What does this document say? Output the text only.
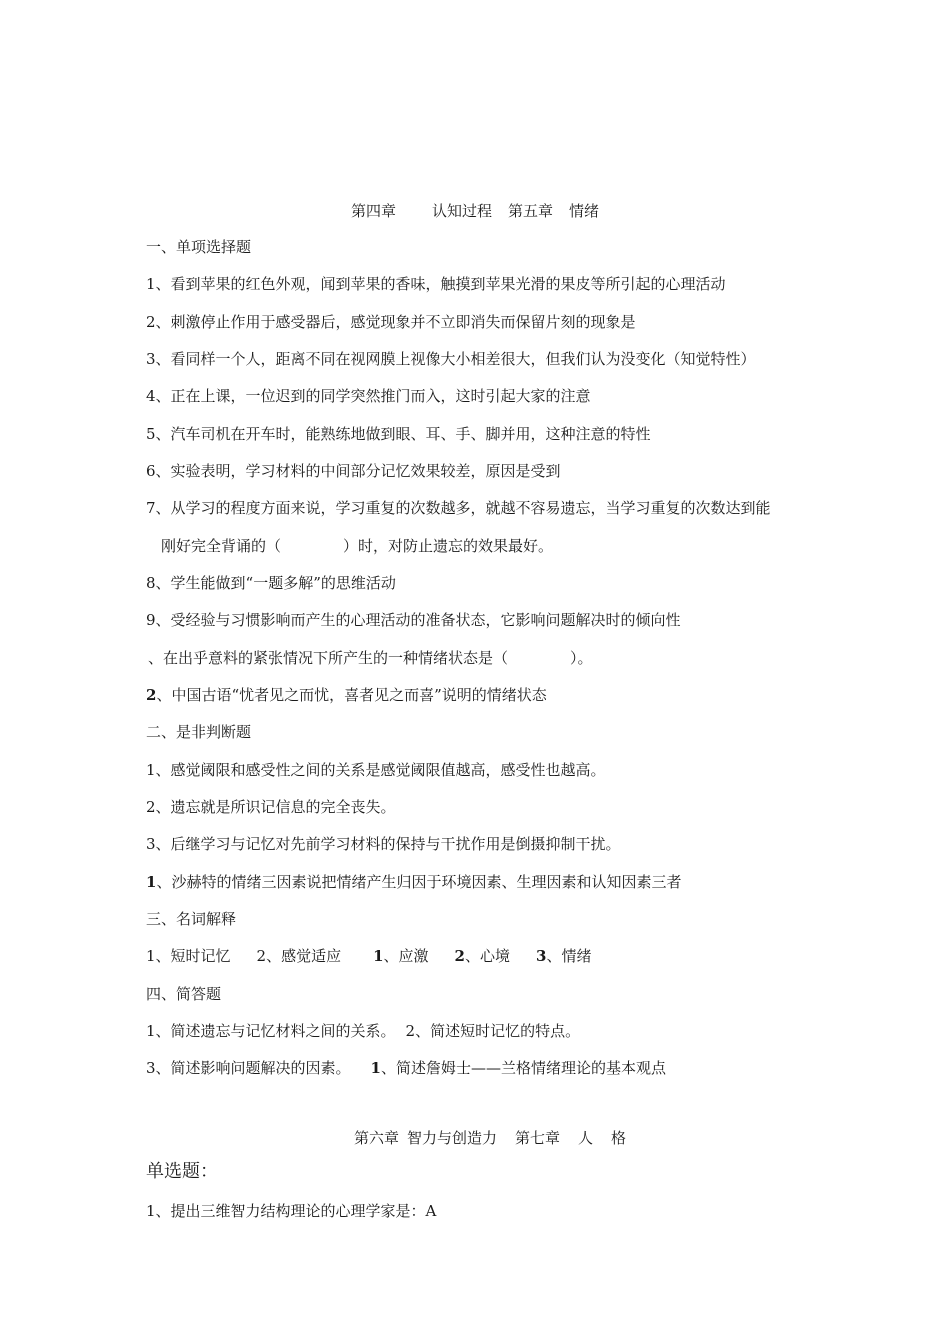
第四章 认知过程 第五章 情绪
一、单项选择题
1、看到苹果的红色外观，闻到苹果的香味，触摸到苹果光滑的果皮等所引起的心理活动
2、刺激停止作用于感受器后，感觉现象并不立即消失而保留片刻的现象是
3、看同样一个人，距离不同在视网膜上视像大小相差很大，但我们认为没变化（知觉特性）
4、正在上课，一位迟到的同学突然推门而入，这时引起大家的注意
5、汽车司机在开车时，能熟练地做到眼、耳、手、脚并用，这种注意的特性
6、实验表明，学习材料的中间部分记忆效果较差，原因是受到
7、从学习的程度方面来说，学习重复的次数越多，就越不容易遗忘，当学习重复的次数达到能
刚好完全背诵的（	）时，对防止遗忘的效果最好。
8、学生能做到“一题多解”的思维活动
9、受经验与习惯影响而产生的心理活动的准备状态，它影响问题解决时的倾向性
、在出乎意料的紧张情况下所产生的一种情绪状态是（	）。
2、中国古语“忧者见之而忧，喜者见之而喜”说明的情绪状态
二、是非判断题
1、感觉阈限和感受性之间的关系是感觉阈限值越高，感受性也越高。
2、遗忘就是所识记信息的完全丧失。
3、后继学习与记忆对先前学习材料的保持与干扰作用是倒摄抑制干扰。
1、沙赫特的情绪三因素说把情绪产生归因于环境因素、生理因素和认知因素三者
三、名词解释
1、短时记忆 2、感觉适应 1、应激 2、心境 3、情绪
四、简答题
1、简述遗忘与记忆材料之间的关系。 2、简述短时记忆的特点。
3、简述影响问题解决的因素。 1、简述詹姆士——兰格情绪理论的基本观点
第六章 智力与创造力 第七章 人 格
单选题：
1、提出三维智力结构理论的心理学家是：A
